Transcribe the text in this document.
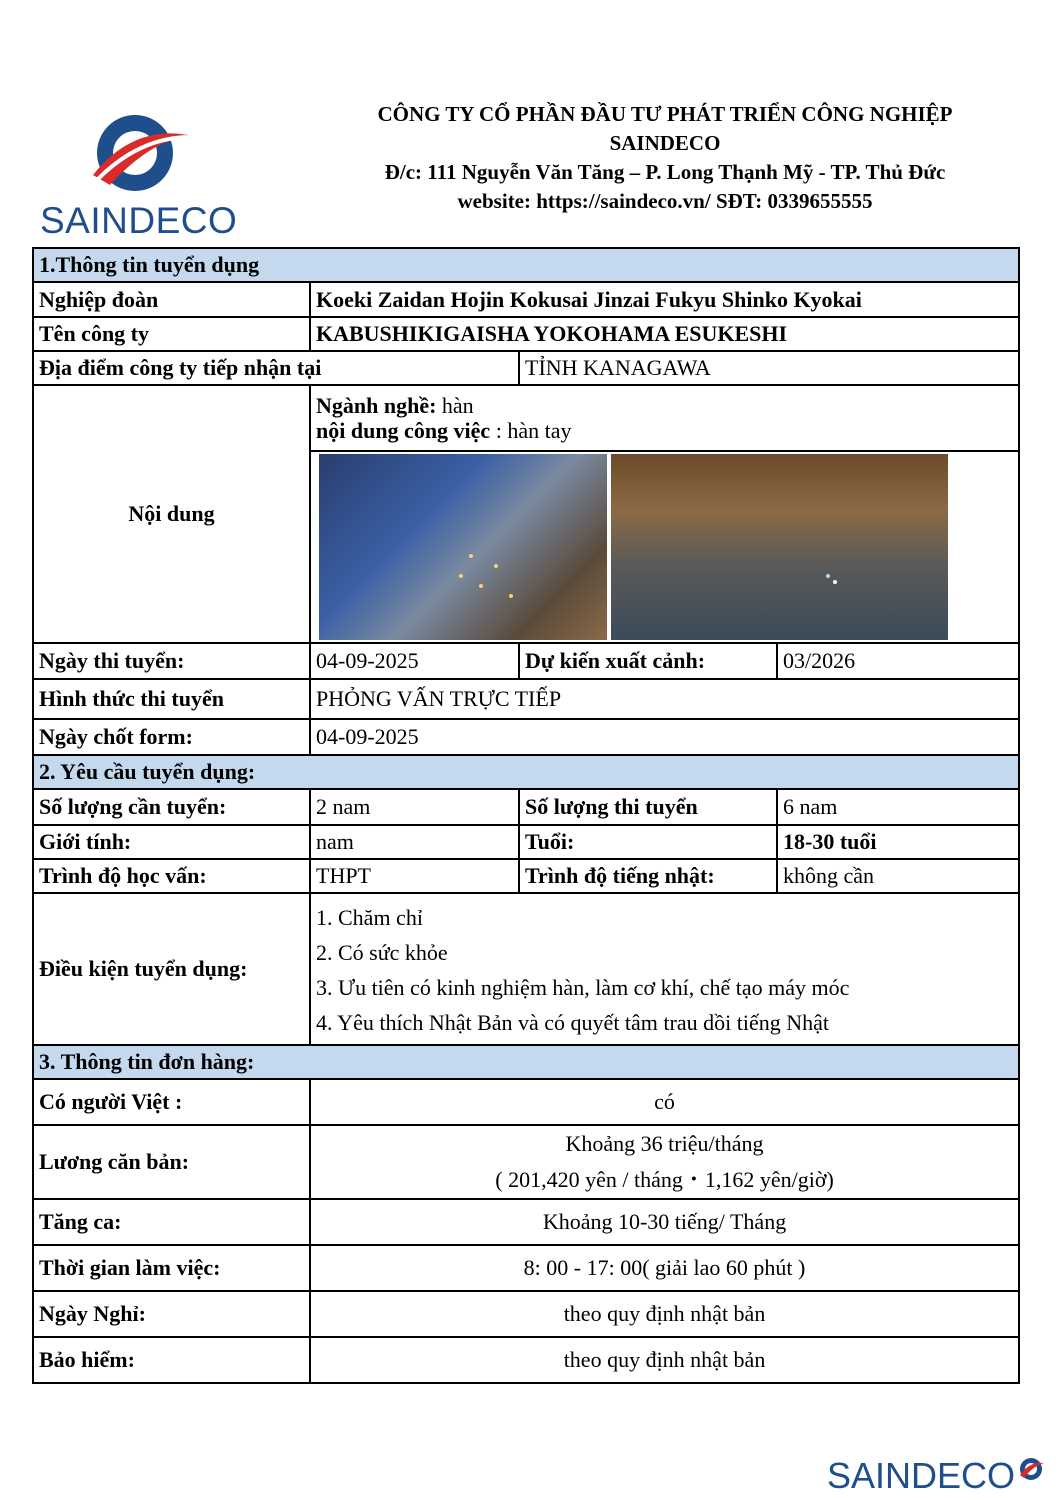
SAINDECO
CÔNG TY CỔ PHẦN ĐẦU TƯ PHÁT TRIỂN CÔNG NGHIỆP
SAINDECO
Đ/c: 111 Nguyễn Văn Tăng – P. Long Thạnh Mỹ - TP. Thủ Đức
website: https://saindeco.vn/ SĐT: 0339655555
1.Thông tin tuyển dụng			
Nghiệp đoàn	Koeki Zaidan Hojin Kokusai Jinzai Fukyu Shinko Kyokai		
Tên công ty	KABUSHIKIGAISHA YOKOHAMA ESUKESHI		
Địa điểm công ty tiếp nhận tại		TỈNH KANAGAWA	
Nội dung	Ngành nghề: hàn
nội dung công việc : hàn tay		

Ngày thi tuyển:	04-09-2025	Dự kiến xuất cảnh:	03/2026
Hình thức thi tuyển	PHỎNG VẤN TRỰC TIẾP		
Ngày chốt form:	04-09-2025		
2. Yêu cầu tuyển dụng:			
Số lượng cần tuyển:	2 nam	Số lượng thi tuyển	6 nam
Giới tính:	nam	Tuổi:	18-30 tuổi
Trình độ học vấn:	THPT	Trình độ tiếng nhật:	không cần
Điều kiện tuyển dụng:	1. Chăm chỉ
2. Có sức khỏe
3. Ưu tiên có kinh nghiệm hàn, làm cơ khí, chế tạo máy móc
4. Yêu thích Nhật Bản và có quyết tâm trau dồi tiếng Nhật		

3. Thông tin đơn hàng:			
Có người Việt :	có		
Lương căn bản:	Khoảng 36 triệu/tháng
( 201,420 yên / tháng・1,162 yên/giờ)		

Tăng ca:	Khoảng 10-30 tiếng/ Tháng		
Thời gian làm việc:	8: 00 - 17: 00( giải lao 60 phút )		
Ngày Nghỉ:	theo quy định nhật bản		
Bảo hiểm:	theo quy định nhật bản		
SAINDECO
